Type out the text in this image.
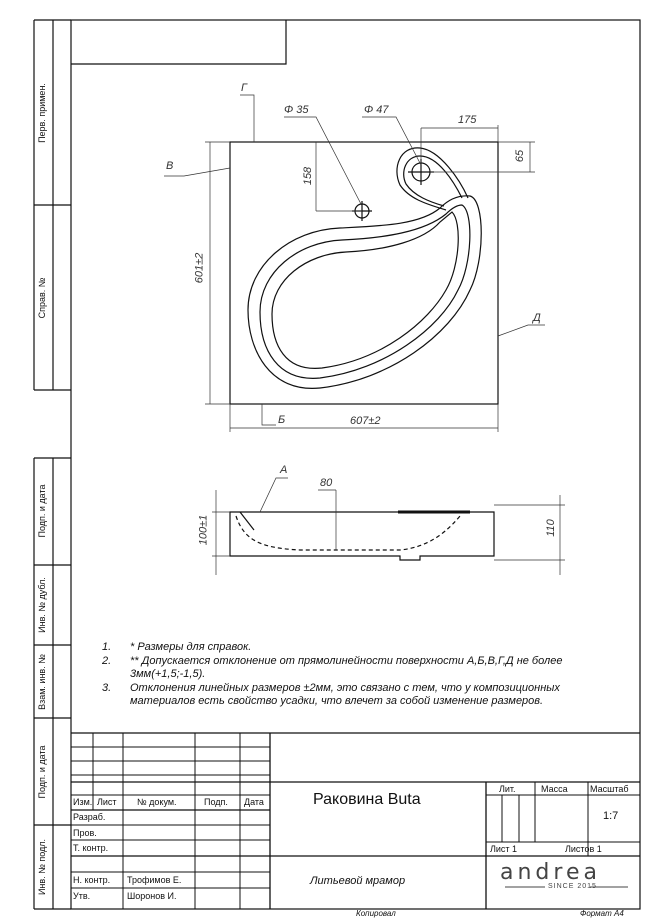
Перв. примен.
Справ. №
Подп. и дата
Инв. № дубл.
Взам. инв. №
Подп. и дата
Инв. № подл.
Г
В
Д
Б
Φ 35	Φ 47
175
65
158
601±2
607±2
А
80
100±1	110
1. * Размеры для справок.
2. ** Допускается отклонение от прямолинейности поверхности А,Б,В,Г,Д не более
3мм(+1,5;-1,5).
3. Отклонения линейных размеров ±2мм, это связано с тем, что у композиционных
материалов есть свойство усадки, что влечет за собой изменение размеров.
Изм. Лист № докум.	Подп. Дата
Разраб.
Пров.
Т. контр.
Н. контр. Трофимов Е.
Утв.	Шоронов И.
Раковина Buta
Литьевой мрамор
Лит.	Масса Масштаб
1:7
Лист 1	Листов 1
andrea
SINCE 2015
Копировал	Формат А4
